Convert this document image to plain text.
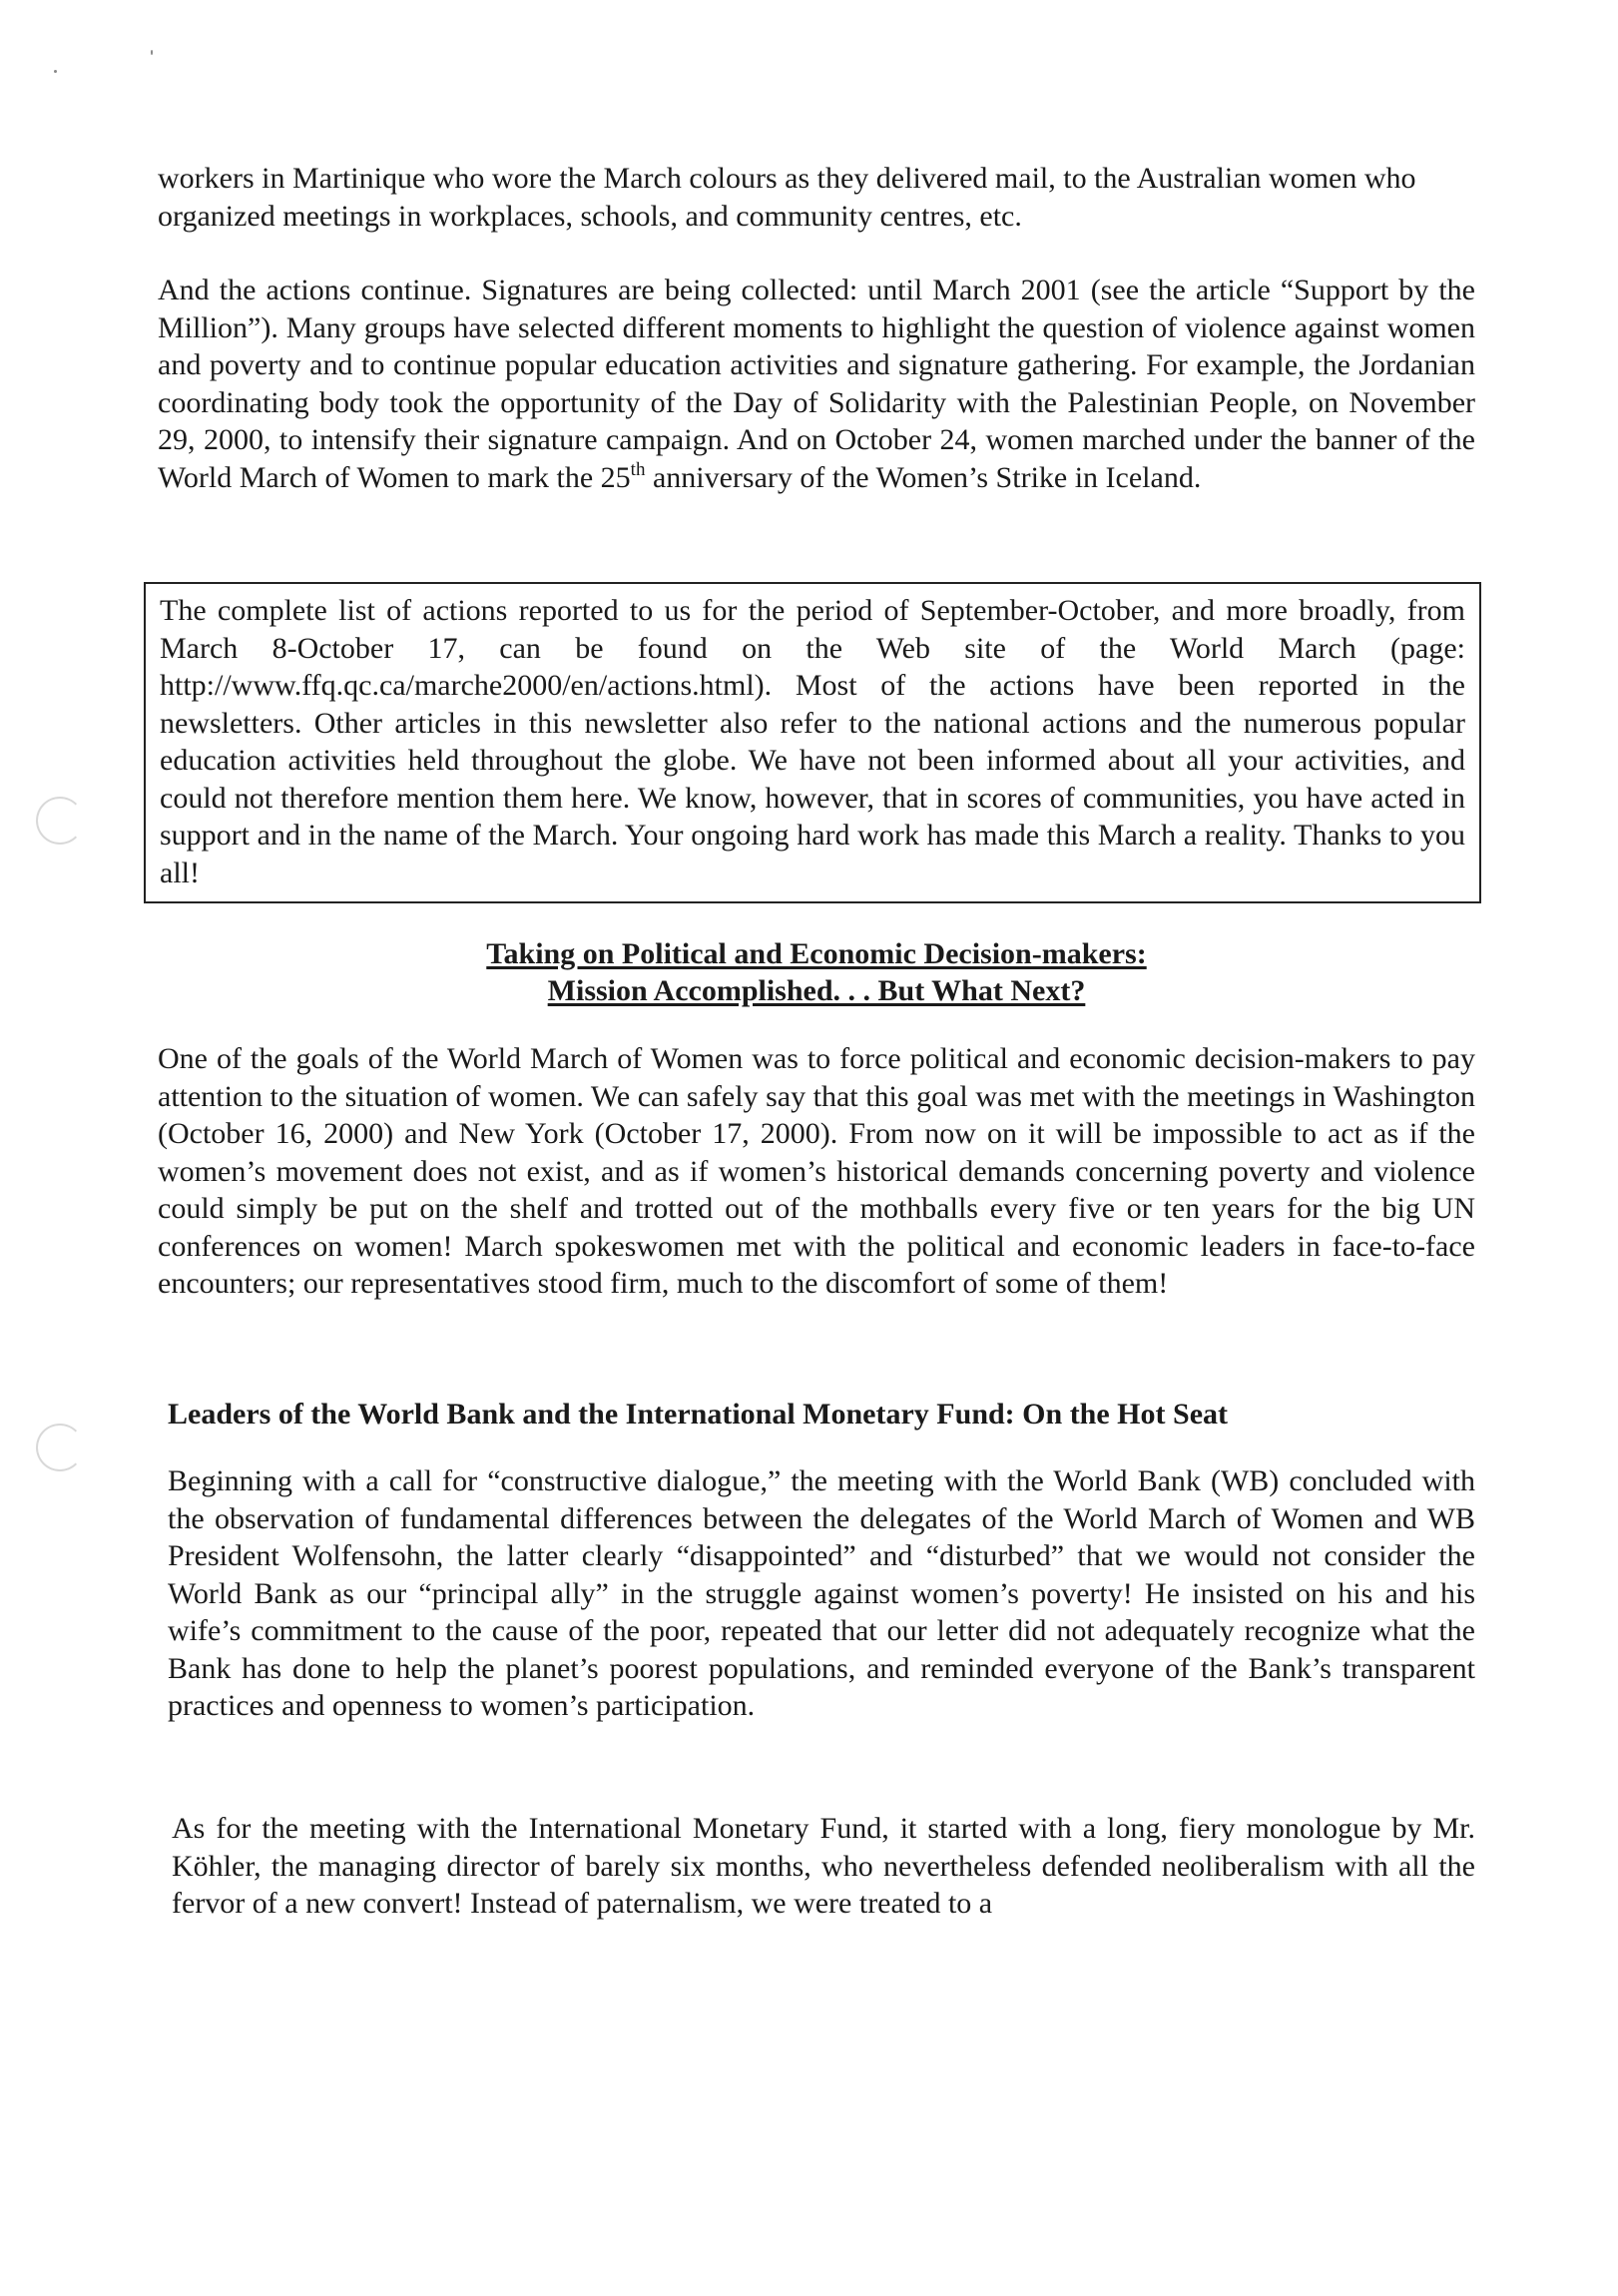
workers in Martinique who wore the March colours as they delivered mail, to the Australian women who organized meetings in workplaces, schools, and community centres, etc.

And the actions continue. Signatures are being collected: until March 2001 (see the article “Support by the Million”). Many groups have selected different moments to highlight the question of violence against women and poverty and to continue popular education activities and signature gathering. For example, the Jordanian coordinating body took the opportunity of the Day of Solidarity with the Palestinian People, on November 29, 2000, to intensify their signature campaign. And on October 24, women marched under the banner of the World March of Women to mark the 25th anniversary of the Women’s Strike in Iceland.

The complete list of actions reported to us for the period of September-October, and more broadly, from March 8-October 17, can be found on the Web site of the World March (page: http://www.ffq.qc.ca/marche2000/en/actions.html). Most of the actions have been reported in the newsletters. Other articles in this newsletter also refer to the national actions and the numerous popular education activities held throughout the globe. We have not been informed about all your activities, and could not therefore mention them here. We know, however, that in scores of communities, you have acted in support and in the name of the March. Your ongoing hard work has made this March a reality. Thanks to you all!

Taking on Political and Economic Decision-makers:

Mission Accomplished. . . But What Next?

One of the goals of the World March of Women was to force political and economic decision-makers to pay attention to the situation of women. We can safely say that this goal was met with the meetings in Washington (October 16, 2000) and New York (October 17, 2000). From now on it will be impossible to act as if the women’s movement does not exist, and as if women’s historical demands concerning poverty and violence could simply be put on the shelf and trotted out of the mothballs every five or ten years for the big UN conferences on women! March spokeswomen met with the political and economic leaders in face-to-face encounters; our representatives stood firm, much to the discomfort of some of them!

Leaders of the World Bank and the International Monetary Fund: On the Hot Seat

Beginning with a call for “constructive dialogue,” the meeting with the World Bank (WB) concluded with the observation of fundamental differences between the delegates of the World March of Women and WB President Wolfensohn, the latter clearly “disappointed” and “disturbed” that we would not consider the World Bank as our “principal ally” in the struggle against women’s poverty! He insisted on his and his wife’s commitment to the cause of the poor, repeated that our letter did not adequately recognize what the Bank has done to help the planet’s poorest populations, and reminded everyone of the Bank’s transparent practices and openness to women’s participation.

As for the meeting with the International Monetary Fund, it started with a long, fiery monologue by Mr. Köhler, the managing director of barely six months, who nevertheless defended neoliberalism with all the fervor of a new convert! Instead of paternalism, we were treated to a
